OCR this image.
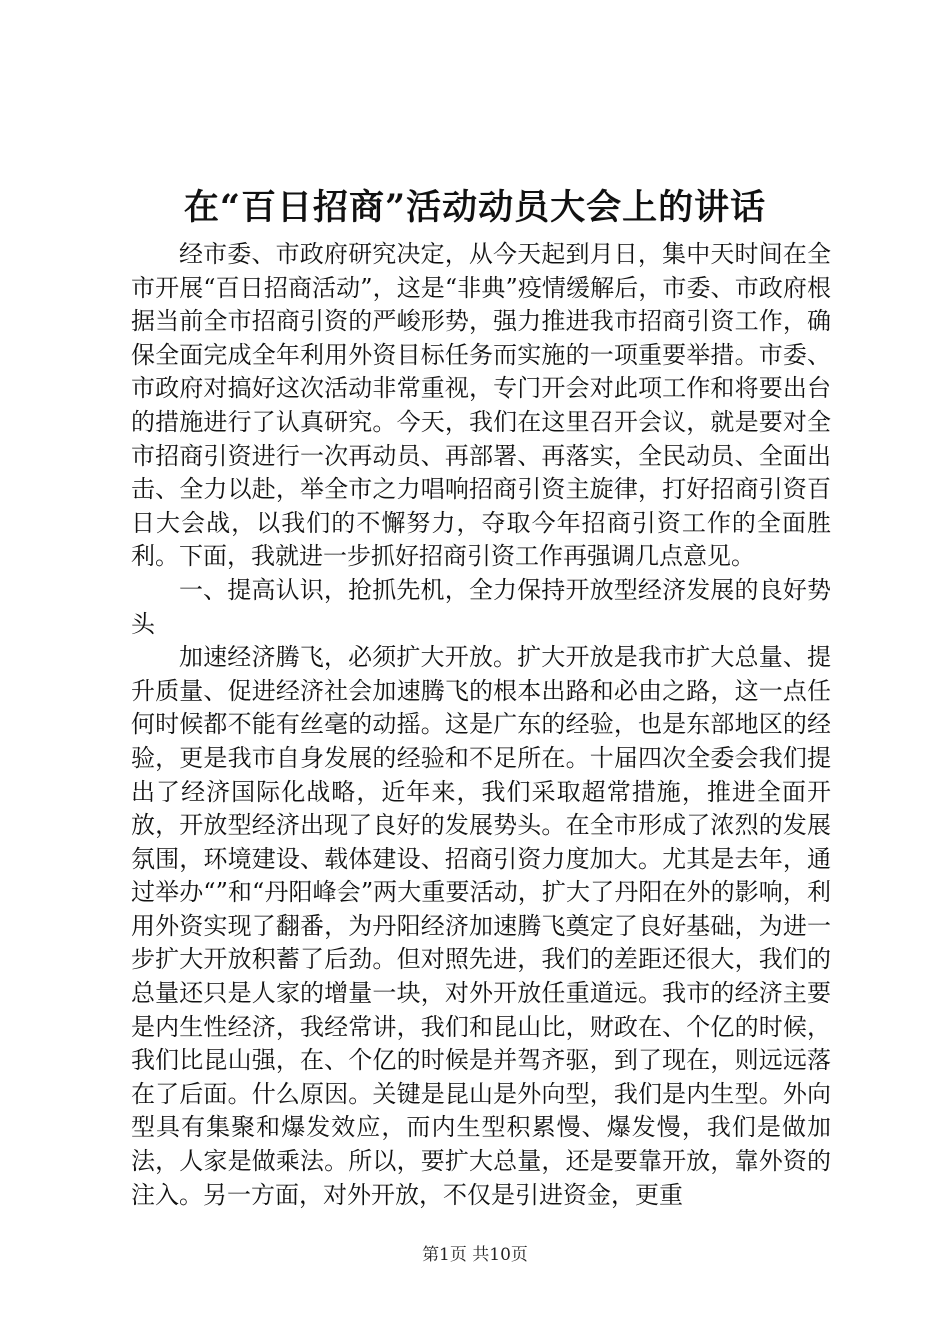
在“百日招商”活动动员大会上的讲话

经市委、市政府研究决定，从今天起到月日，集中天时间在全市开展“百日招商活动”，这是“非典”疫情缓解后，市委、市政府根据当前全市招商引资的严峻形势，强力推进我市招商引资工作，确保全面完成全年利用外资目标任务而实施的一项重要举措。市委、市政府对搞好这次活动非常重视，专门开会对此项工作和将要出台的措施进行了认真研究。今天，我们在这里召开会议，就是要对全市招商引资进行一次再动员、再部署、再落实，全民动员、全面出击、全力以赴，举全市之力唱响招商引资主旋律，打好招商引资百日大会战，以我们的不懈努力，夺取今年招商引资工作的全面胜利。下面，我就进一步抓好招商引资工作再强调几点意见。

一、提高认识，抢抓先机，全力保持开放型经济发展的良好势头

加速经济腾飞，必须扩大开放。扩大开放是我市扩大总量、提升质量、促进经济社会加速腾飞的根本出路和必由之路，这一点任何时候都不能有丝毫的动摇。这是广东的经验，也是东部地区的经验，更是我市自身发展的经验和不足所在。十届四次全委会我们提出了经济国际化战略，近年来，我们采取超常措施，推进全面开放，开放型经济出现了良好的发展势头。在全市形成了浓烈的发展氛围，环境建设、载体建设、招商引资力度加大。尤其是去年，通过举办“”和“丹阳峰会”两大重要活动，扩大了丹阳在外的影响，利用外资实现了翻番，为丹阳经济加速腾飞奠定了良好基础，为进一步扩大开放积蓄了后劲。但对照先进，我们的差距还很大，我们的总量还只是人家的增量一块，对外开放任重道远。我市的经济主要是内生性经济，我经常讲，我们和昆山比，财政在、个亿的时候，我们比昆山强，在、个亿的时候是并驾齐驱，到了现在，则远远落在了后面。什么原因。关键是昆山是外向型，我们是内生型。外向型具有集聚和爆发效应，而内生型积累慢、爆发慢，我们是做加法，人家是做乘法。所以，要扩大总量，还是要靠开放，靠外资的注入。另一方面，对外开放，不仅是引进资金，更重

第1页 共10页
